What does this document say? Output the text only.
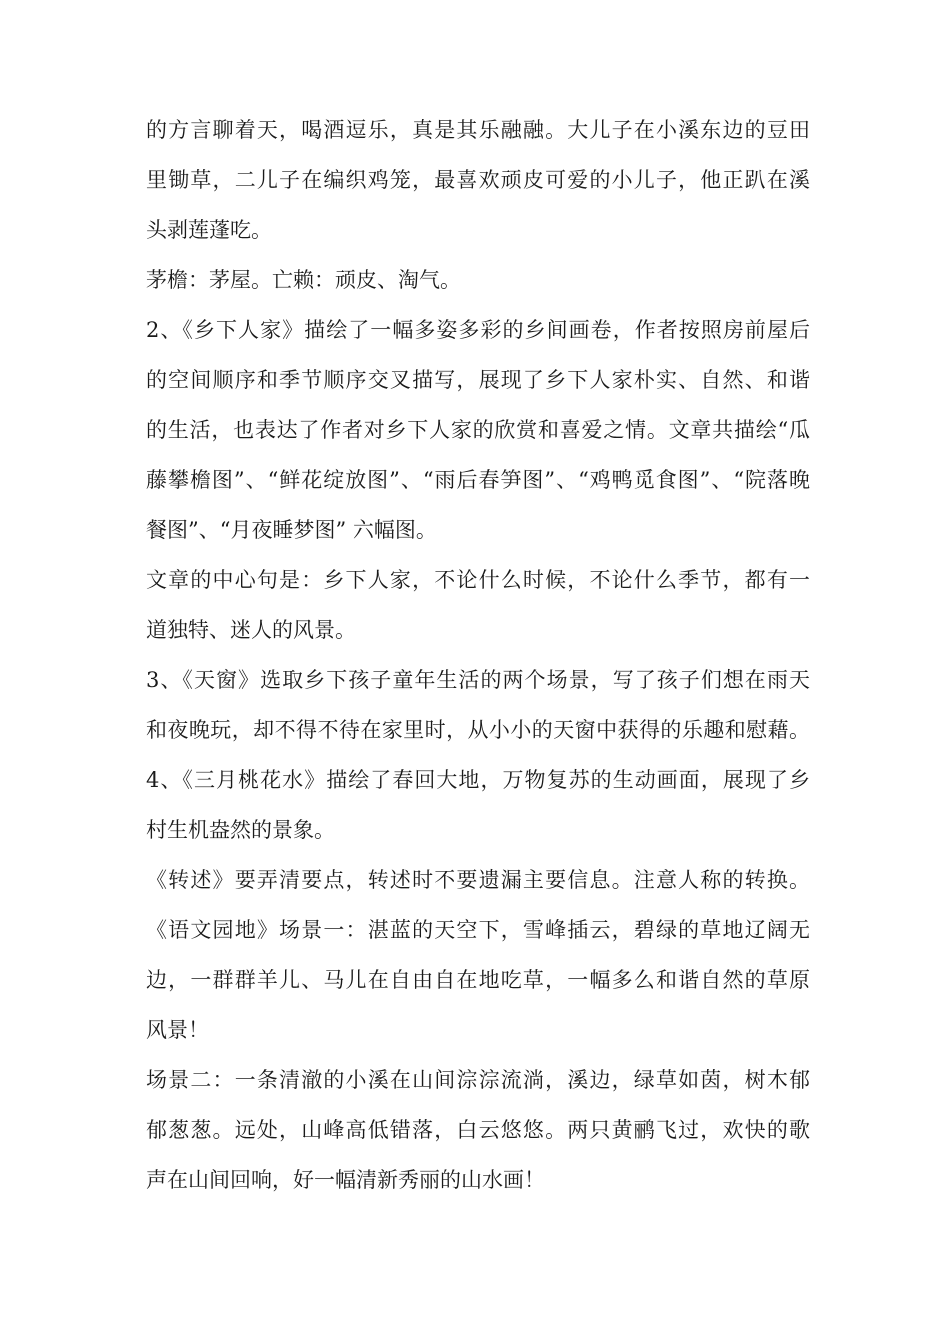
的方言聊着天，喝酒逗乐，真是其乐融融。大儿子在小溪东边的豆田
里锄草，二儿子在编织鸡笼，最喜欢顽皮可爱的小儿子，他正趴在溪
头剥莲蓬吃。
茅檐：茅屋。亡赖：顽皮、淘气。
2、《乡下人家》描绘了一幅多姿多彩的乡间画卷，作者按照房前屋后
的空间顺序和季节顺序交叉描写，展现了乡下人家朴实、自然、和谐
的生活，也表达了作者对乡下人家的欣赏和喜爱之情。文章共描绘“瓜
藤攀檐图”、“鲜花绽放图”、“雨后春笋图”、“鸡鸭觅食图”、“院落晚
餐图”、“月夜睡梦图” 六幅图。
文章的中心句是：乡下人家，不论什么时候，不论什么季节，都有一
道独特、迷人的风景。
3、《天窗》选取乡下孩子童年生活的两个场景，写了孩子们想在雨天
和夜晚玩，却不得不待在家里时，从小小的天窗中获得的乐趣和慰藉。
4、《三月桃花水》描绘了春回大地，万物复苏的生动画面，展现了乡
村生机盎然的景象。
《转述》要弄清要点，转述时不要遗漏主要信息。注意人称的转换。
《语文园地》场景一：湛蓝的天空下，雪峰插云，碧绿的草地辽阔无
边，一群群羊儿、马儿在自由自在地吃草，一幅多么和谐自然的草原
风景！
场景二：一条清澈的小溪在山间淙淙流淌，溪边，绿草如茵，树木郁
郁葱葱。远处，山峰高低错落，白云悠悠。两只黄鹂飞过，欢快的歌
声在山间回响，好一幅清新秀丽的山水画！
